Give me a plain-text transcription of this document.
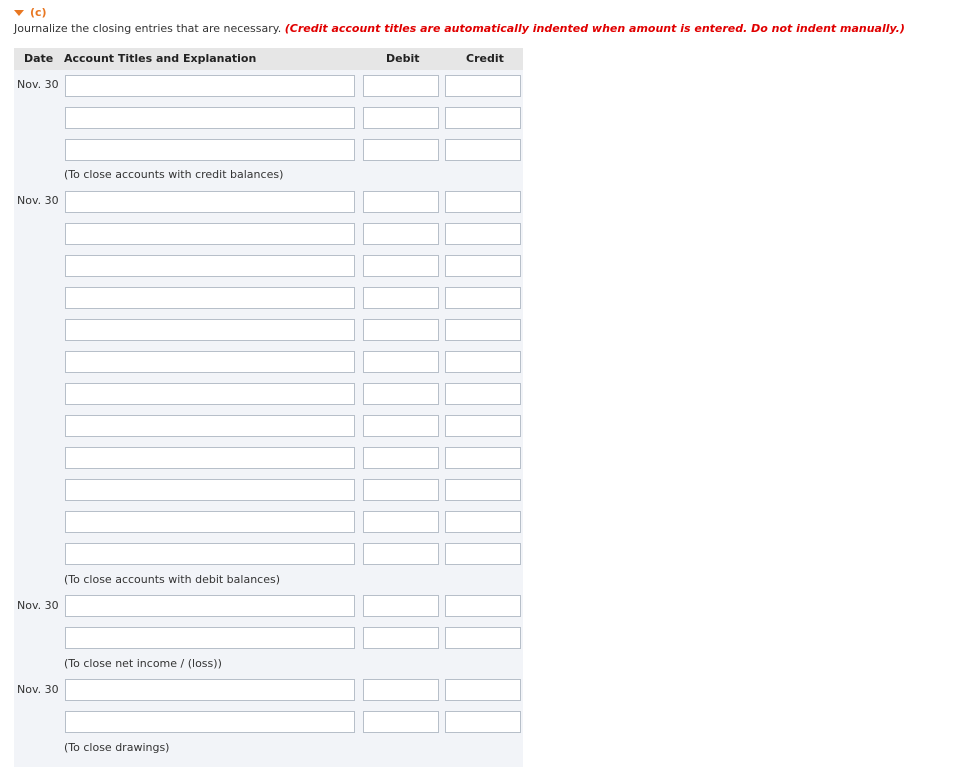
(c)
Journalize the closing entries that are necessary. (Credit account titles are automatically indented when amount is entered. Do not indent manually.)
Date Account Titles and Explanation	Debit	Credit
Nov. 30
(To close accounts with credit balances)
Nov. 30
(To close accounts with debit balances)
Nov. 30
(To close net income / (loss))
Nov. 30
(To close drawings)
